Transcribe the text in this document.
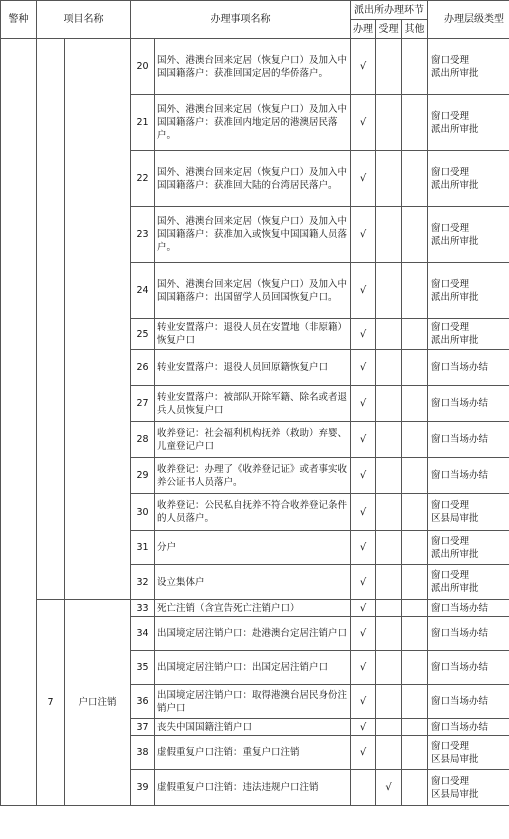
警种	项目名称		办理事项名称		派出所办理环节			办理层级类型
					办理	受理	其他	
			20	国外、港澳台回来定居（恢复户口）及加入中国国籍落户：获准回国定居的华侨落户。	√			窗口受理
派出所审批

			21	国外、港澳台回来定居（恢复户口）及加入中国国籍落户：获准回内地定居的港澳居民落户。	√			窗口受理
派出所审批

			22	国外、港澳台回来定居（恢复户口）及加入中国国籍落户：获准回大陆的台湾居民落户。	√			窗口受理
派出所审批

			23	国外、港澳台回来定居（恢复户口）及加入中国国籍落户：获准加入或恢复中国国籍人员落户。	√			窗口受理
派出所审批

			24	国外、港澳台回来定居（恢复户口）及加入中国国籍落户：出国留学人员回国恢复户口。	√			窗口受理
派出所审批

			25	转业安置落户：退役人员在安置地（非原籍）恢复户口	√			窗口受理
派出所审批

			26	转业安置落户：退役人员回原籍恢复户口	√			窗口当场办结

			27	转业安置落户：被部队开除军籍、除名或者退兵人员恢复户口	√			窗口当场办结

			28	收养登记：社会福利机构抚养（救助）弃婴、儿童登记户口	√			窗口当场办结

			29	收养登记：办理了《收养登记证》或者事实收养公证书人员落户。	√			窗口当场办结

			30	收养登记：公民私自抚养不符合收养登记条件的人员落户。	√			窗口受理
区县局审批

			31	分户	√			窗口受理
派出所审批

			32	设立集体户	√			窗口受理
派出所审批

	7	户口注销	33	死亡注销（含宣告死亡注销户口）	√			窗口当场办结

			34	出国境定居注销户口：赴港澳台定居注销户口	√			窗口当场办结

			35	出国境定居注销户口：出国定居注销户口	√			窗口当场办结

			36	出国境定居注销户口：取得港澳台居民身份注销户口	√			窗口当场办结

			37	丧失中国国籍注销户口	√			窗口当场办结

			38	虚假重复户口注销：重复户口注销	√			窗口受理
区县局审批

			39	虚假重复户口注销：违法违规户口注销		√		窗口受理
区县局审批
